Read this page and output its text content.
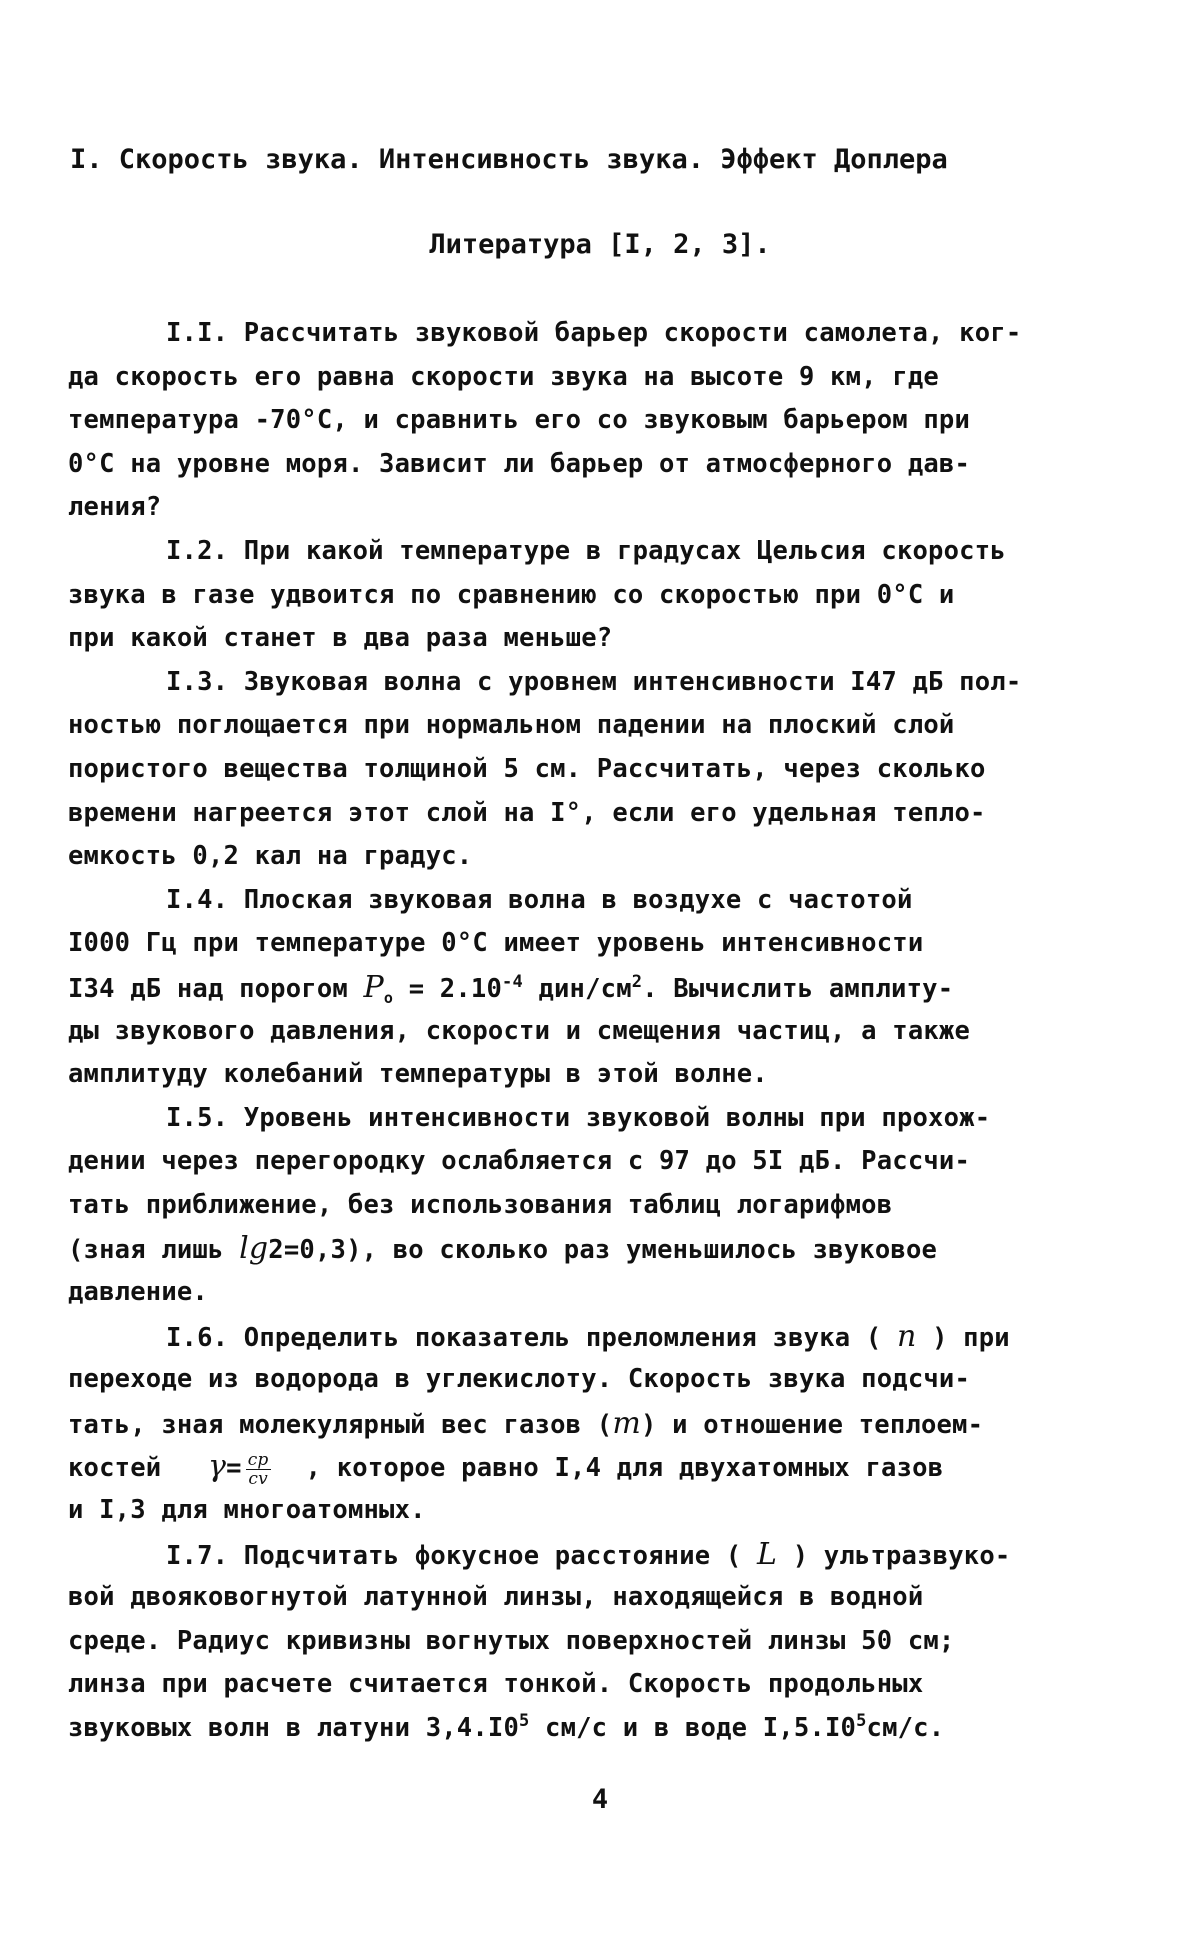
I. Скорость звука. Интенсивность звука. Эффект Доплера
Литература [I, 2, 3].
I.I. Рассчитать звуковой барьер скорости самолета, ког-
да скорость его равна скорости звука на высоте 9 км, где
температура -70°C, и сравнить его со звуковым барьером при
0°C на уровне моря. Зависит ли барьер от атмосферного дав-
ления?
I.2. При какой температуре в градусах Цельсия скорость
звука в газе удвоится по сравнению со скоростью при 0°C и
при какой станет в два раза меньше?
I.3. Звуковая волна с уровнем интенсивности I47 дБ пол-
ностью поглощается при нормальном падении на плоский слой
пористого вещества толщиной 5 см. Рассчитать, через сколько
времени нагреется этот слой на I°, если его удельная тепло-
емкость 0,2 кал на градус.
I.4. Плоская звуковая волна в воздухе с частотой
I000 Гц при температуре 0°C имеет уровень интенсивности
I34 дБ над порогом $P_o = 2.10^{-4}$ дин/$см^2$. Вычислить амплиту-
ды звукового давления, скорости и смещения частиц, а также
амплитуду колебаний температуры в этой волне.
I.5. Уровень интенсивности звуковой волны при прохож-
дении через перегородку ослабляется с 97 до 5I дБ. Рассчи-
тать приближение, без использования таблиц логарифмов
(зная лишь lg2=0,3), во сколько раз уменьшилось звуковое
давление.
I.6. Определить показатель преломления звука ( n ) при
переходе из водорода в углекислоту. Скорость звука подсчи-
тать, зная молекулярный вес газов (m) и отношение теплоем-
костей $\gamma= \frac{cp}{cv}$ , которое равно I,4 для двухатомных газов
и I,3 для многоатомных.
I.7. Подсчитать фокусное расстояние ( L ) ультразвуко-
вой двояковогнутой латунной линзы, находящейся в водной
среде. Радиус кривизны вогнутых поверхностей линзы 50 см;
линза при расчете считается тонкой. Скорость продольных
звуковых волн в латуни $3,4.I0^5$ см/с и в воде $I,5.I0^5см/с$.
4
